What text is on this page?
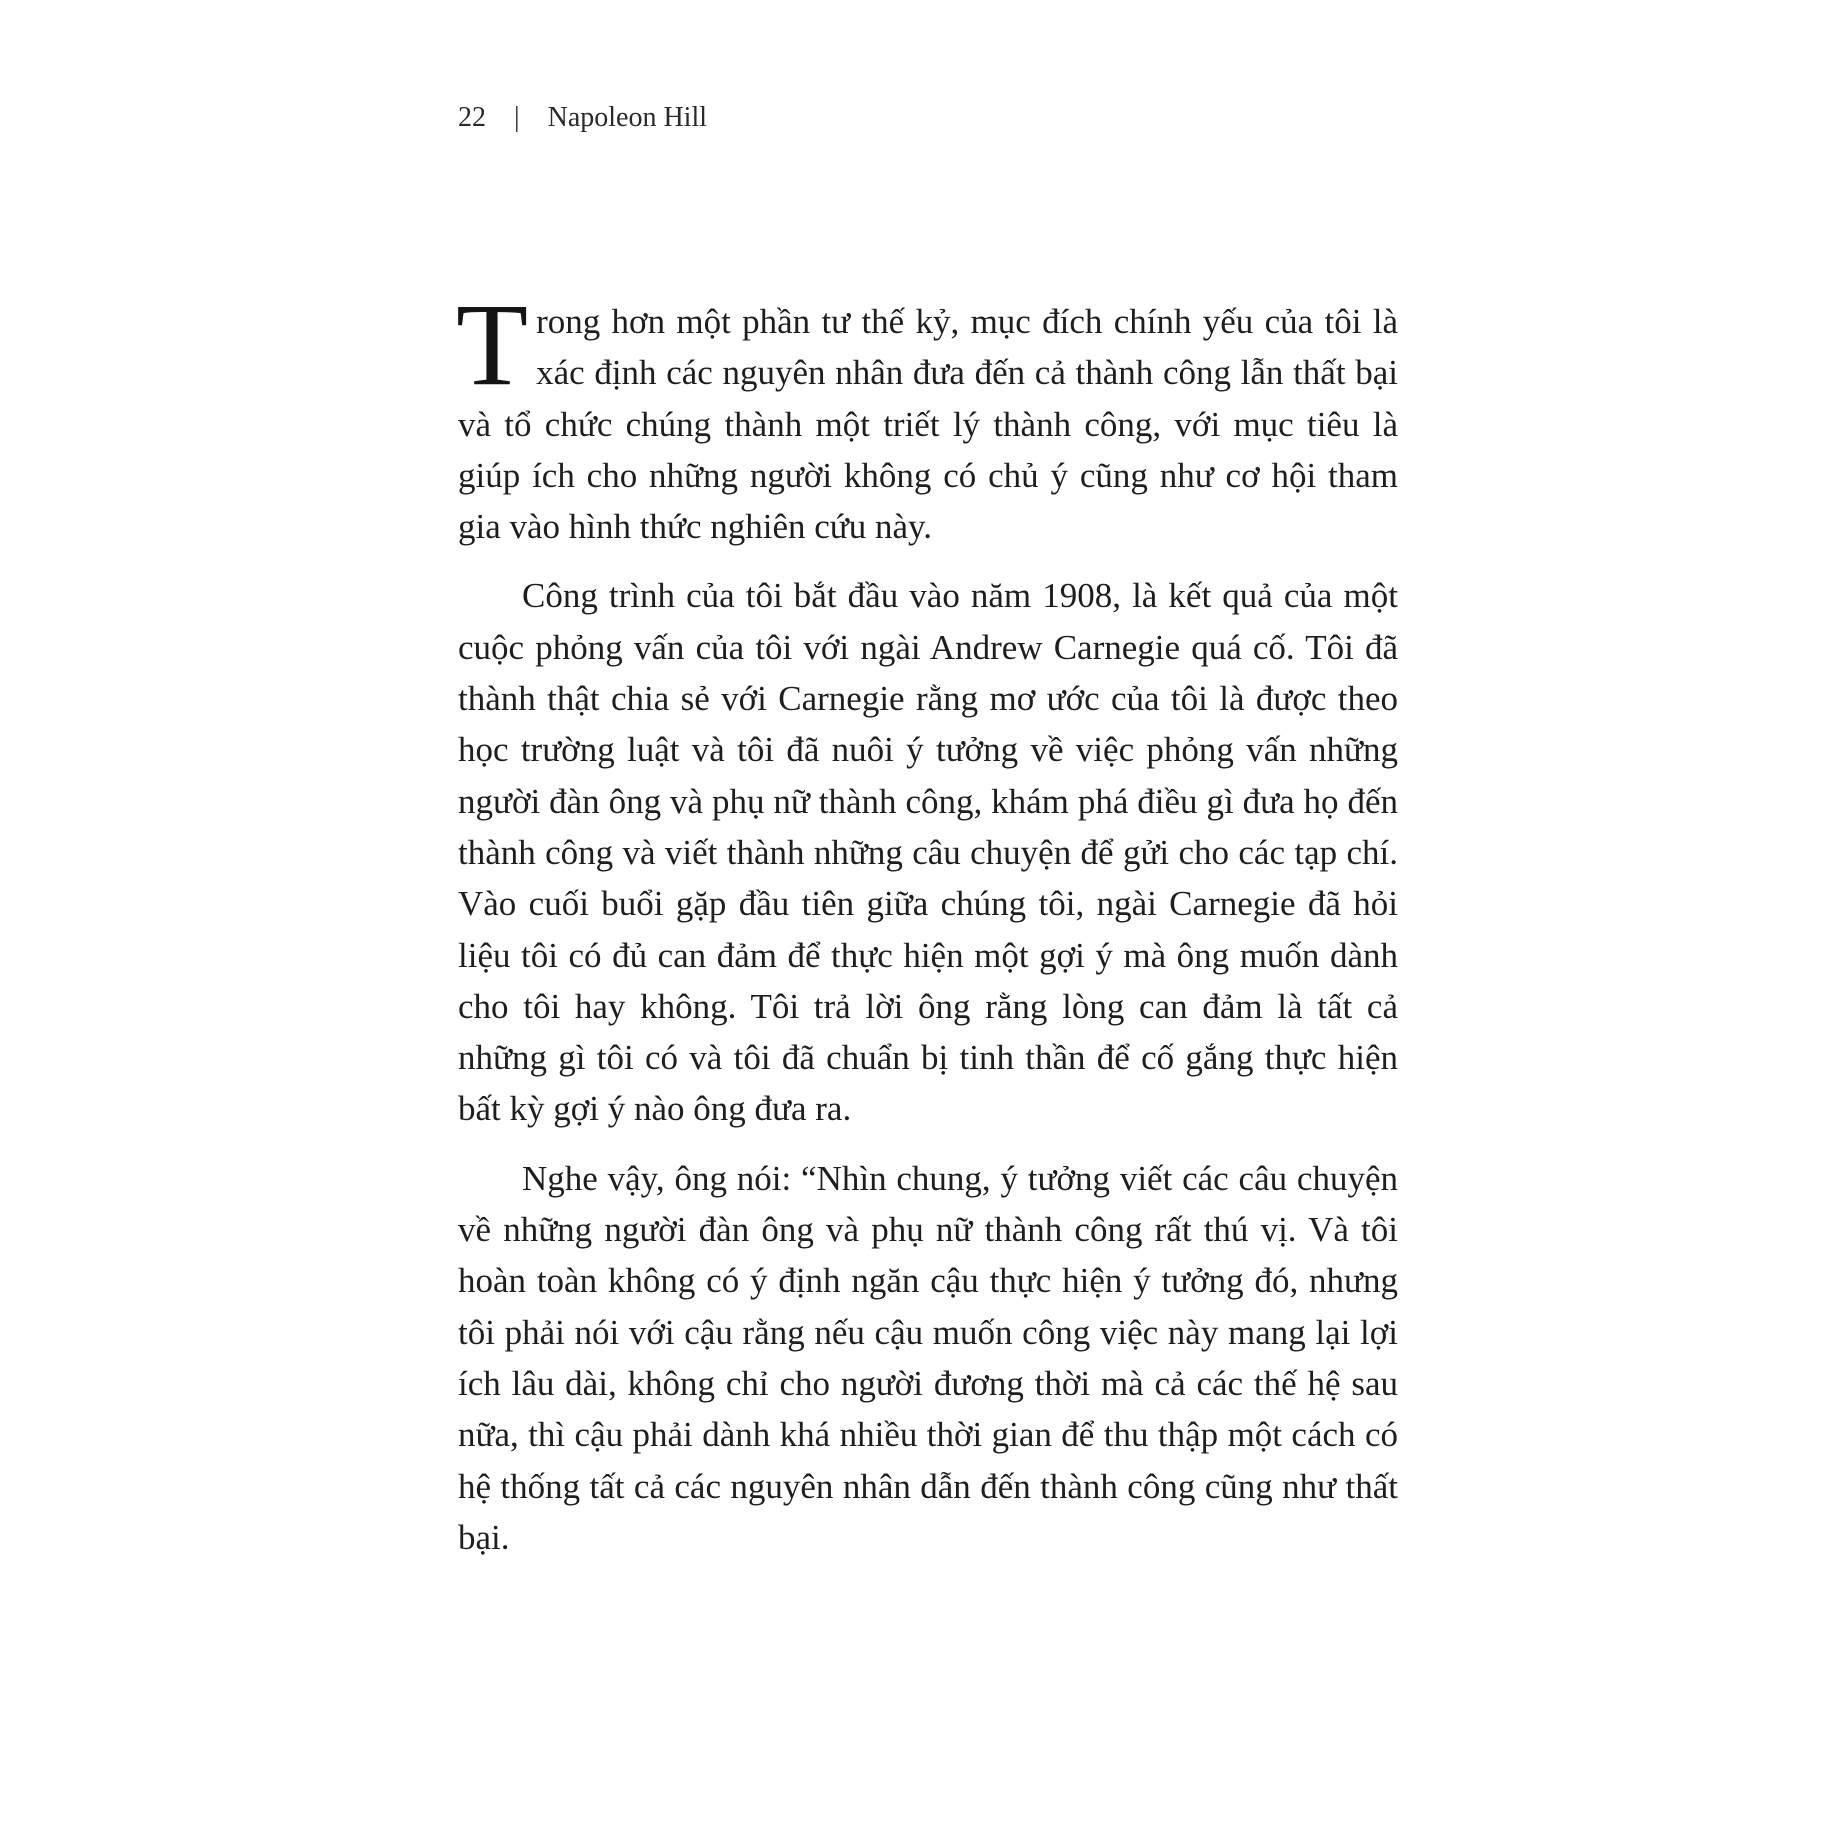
22 | Napoleon Hill

Trong hơn một phần tư thế kỷ, mục đích chính yếu của tôi là xác định các nguyên nhân đưa đến cả thành công lẫn thất bại và tổ chức chúng thành một triết lý thành công, với mục tiêu là giúp ích cho những người không có chủ ý cũng như cơ hội tham gia vào hình thức nghiên cứu này.

Công trình của tôi bắt đầu vào năm 1908, là kết quả của một cuộc phỏng vấn của tôi với ngài Andrew Carnegie quá cố. Tôi đã thành thật chia sẻ với Carnegie rằng mơ ước của tôi là được theo học trường luật và tôi đã nuôi ý tưởng về việc phỏng vấn những người đàn ông và phụ nữ thành công, khám phá điều gì đưa họ đến thành công và viết thành những câu chuyện để gửi cho các tạp chí. Vào cuối buổi gặp đầu tiên giữa chúng tôi, ngài Carnegie đã hỏi liệu tôi có đủ can đảm để thực hiện một gợi ý mà ông muốn dành cho tôi hay không. Tôi trả lời ông rằng lòng can đảm là tất cả những gì tôi có và tôi đã chuẩn bị tinh thần để cố gắng thực hiện bất kỳ gợi ý nào ông đưa ra.

Nghe vậy, ông nói: “Nhìn chung, ý tưởng viết các câu chuyện về những người đàn ông và phụ nữ thành công rất thú vị. Và tôi hoàn toàn không có ý định ngăn cậu thực hiện ý tưởng đó, nhưng tôi phải nói với cậu rằng nếu cậu muốn công việc này mang lại lợi ích lâu dài, không chỉ cho người đương thời mà cả các thế hệ sau nữa, thì cậu phải dành khá nhiều thời gian để thu thập một cách có hệ thống tất cả các nguyên nhân dẫn đến thành công cũng như thất bại.
